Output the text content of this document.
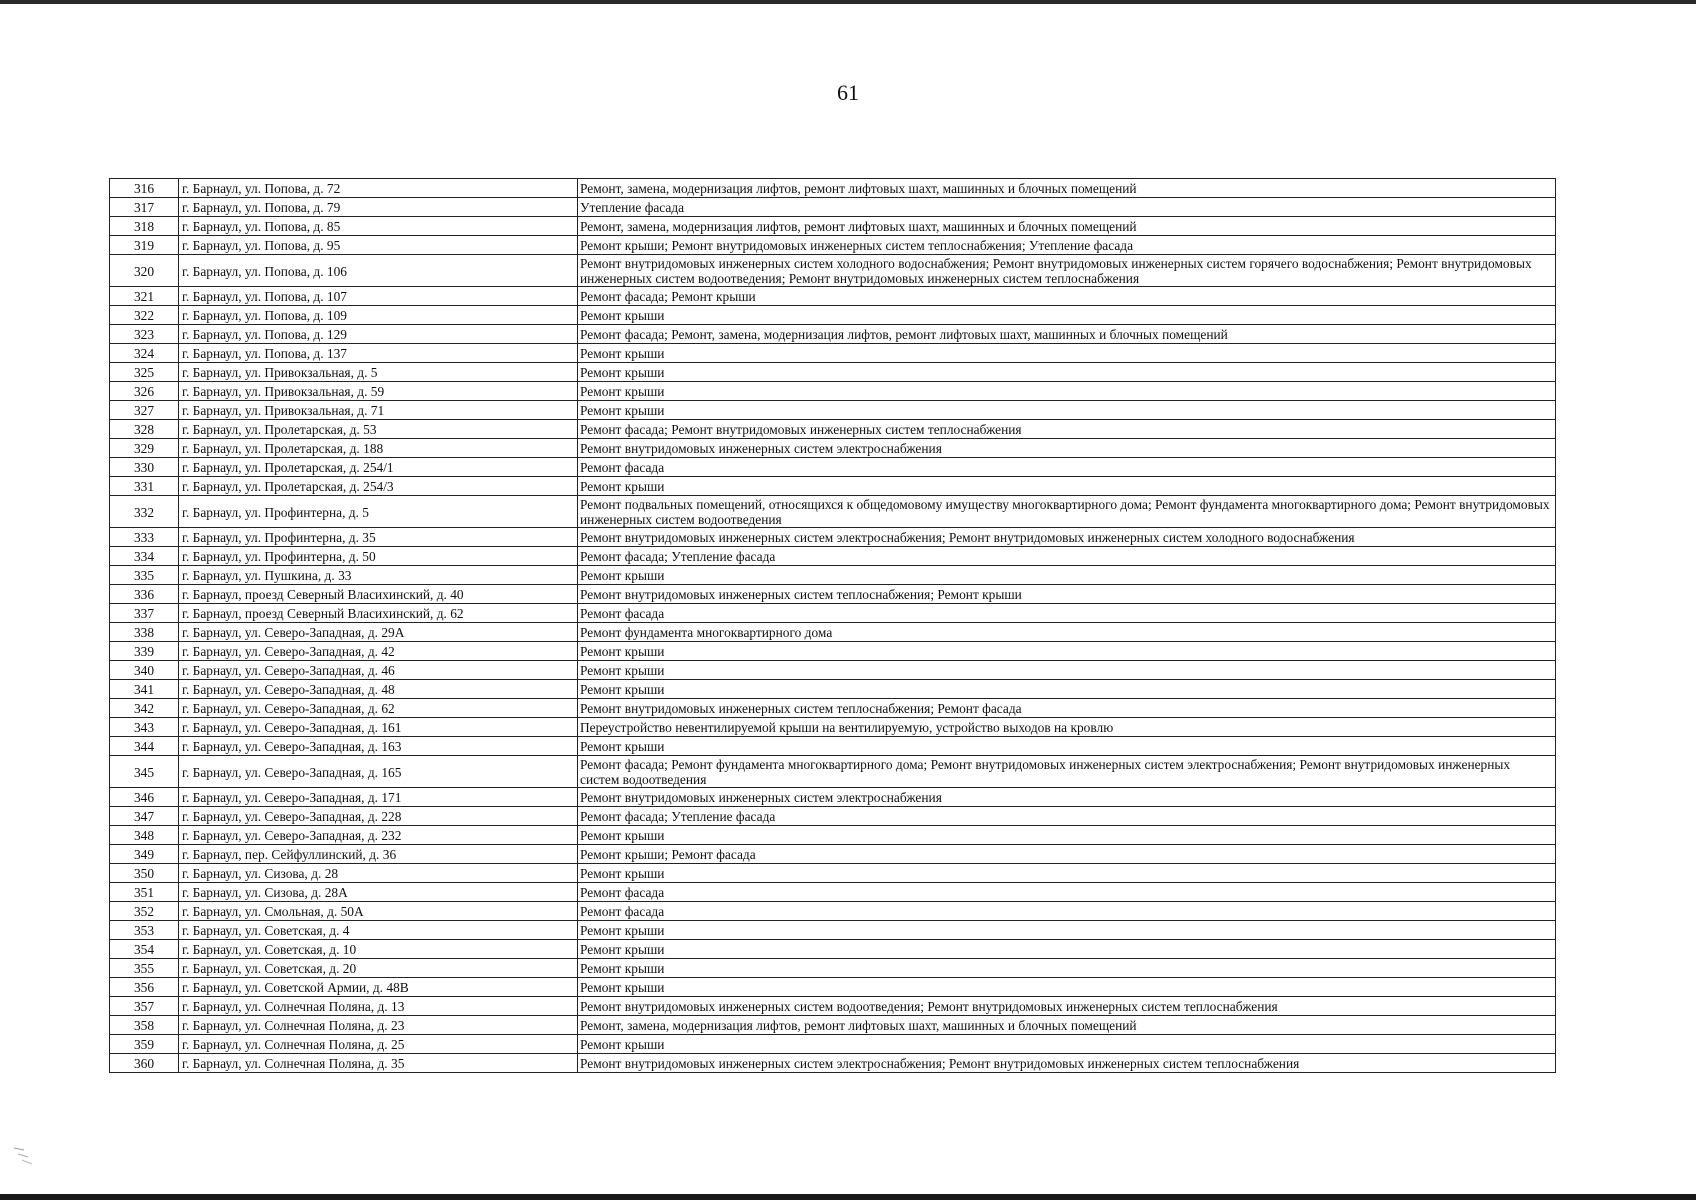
61
316	г. Барнаул, ул. Попова, д. 72	Ремонт, замена, модернизация лифтов, ремонт лифтовых шахт, машинных и блочных помещений
317	г. Барнаул, ул. Попова, д. 79	Утепление фасада
318	г. Барнаул, ул. Попова, д. 85	Ремонт, замена, модернизация лифтов, ремонт лифтовых шахт, машинных и блочных помещений
319	г. Барнаул, ул. Попова, д. 95	Ремонт крыши; Ремонт внутридомовых инженерных систем теплоснабжения; Утепление фасада
320	г. Барнаул, ул. Попова, д. 106	Ремонт внутридомовых инженерных систем холодного водоснабжения; Ремонт внутридомовых инженерных систем горячего водоснабжения; Ремонт внутридомовых инженерных систем водоотведения; Ремонт внутридомовых инженерных систем теплоснабжения
321	г. Барнаул, ул. Попова, д. 107	Ремонт фасада; Ремонт крыши
322	г. Барнаул, ул. Попова, д. 109	Ремонт крыши
323	г. Барнаул, ул. Попова, д. 129	Ремонт фасада; Ремонт, замена, модернизация лифтов, ремонт лифтовых шахт, машинных и блочных помещений
324	г. Барнаул, ул. Попова, д. 137	Ремонт крыши
325	г. Барнаул, ул. Привокзальная, д. 5	Ремонт крыши
326	г. Барнаул, ул. Привокзальная, д. 59	Ремонт крыши
327	г. Барнаул, ул. Привокзальная, д. 71	Ремонт крыши
328	г. Барнаул, ул. Пролетарская, д. 53	Ремонт фасада; Ремонт внутридомовых инженерных систем теплоснабжения
329	г. Барнаул, ул. Пролетарская, д. 188	Ремонт внутридомовых инженерных систем электроснабжения
330	г. Барнаул, ул. Пролетарская, д. 254/1	Ремонт фасада
331	г. Барнаул, ул. Пролетарская, д. 254/3	Ремонт крыши
332	г. Барнаул, ул. Профинтерна, д. 5	Ремонт подвальных помещений, относящихся к общедомовому имуществу многоквартирного дома; Ремонт фундамента многоквартирного дома; Ремонт внутридомовых инженерных систем водоотведения
333	г. Барнаул, ул. Профинтерна, д. 35	Ремонт внутридомовых инженерных систем электроснабжения; Ремонт внутридомовых инженерных систем холодного водоснабжения
334	г. Барнаул, ул. Профинтерна, д. 50	Ремонт фасада; Утепление фасада
335	г. Барнаул, ул. Пушкина, д. 33	Ремонт крыши
336	г. Барнаул, проезд Северный Власихинский, д. 40	Ремонт внутридомовых инженерных систем теплоснабжения; Ремонт крыши
337	г. Барнаул, проезд Северный Власихинский, д. 62	Ремонт фасада
338	г. Барнаул, ул. Северо-Западная, д. 29А	Ремонт фундамента многоквартирного дома
339	г. Барнаул, ул. Северо-Западная, д. 42	Ремонт крыши
340	г. Барнаул, ул. Северо-Западная, д. 46	Ремонт крыши
341	г. Барнаул, ул. Северо-Западная, д. 48	Ремонт крыши
342	г. Барнаул, ул. Северо-Западная, д. 62	Ремонт внутридомовых инженерных систем теплоснабжения; Ремонт фасада
343	г. Барнаул, ул. Северо-Западная, д. 161	Переустройство невентилируемой крыши на вентилируемую, устройство выходов на кровлю
344	г. Барнаул, ул. Северо-Западная, д. 163	Ремонт крыши
345	г. Барнаул, ул. Северо-Западная, д. 165	Ремонт фасада; Ремонт фундамента многоквартирного дома; Ремонт внутридомовых инженерных систем электроснабжения; Ремонт внутридомовых инженерных систем водоотведения
346	г. Барнаул, ул. Северо-Западная, д. 171	Ремонт внутридомовых инженерных систем электроснабжения
347	г. Барнаул, ул. Северо-Западная, д. 228	Ремонт фасада; Утепление фасада
348	г. Барнаул, ул. Северо-Западная, д. 232	Ремонт крыши
349	г. Барнаул, пер. Сейфуллинский, д. 36	Ремонт крыши; Ремонт фасада
350	г. Барнаул, ул. Сизова, д. 28	Ремонт крыши
351	г. Барнаул, ул. Сизова, д. 28А	Ремонт фасада
352	г. Барнаул, ул. Смольная, д. 50А	Ремонт фасада
353	г. Барнаул, ул. Советская, д. 4	Ремонт крыши
354	г. Барнаул, ул. Советская, д. 10	Ремонт крыши
355	г. Барнаул, ул. Советская, д. 20	Ремонт крыши
356	г. Барнаул, ул. Советской Армии, д. 48В	Ремонт крыши
357	г. Барнаул, ул. Солнечная Поляна, д. 13	Ремонт внутридомовых инженерных систем водоотведения; Ремонт внутридомовых инженерных систем теплоснабжения
358	г. Барнаул, ул. Солнечная Поляна, д. 23	Ремонт, замена, модернизация лифтов, ремонт лифтовых шахт, машинных и блочных помещений
359	г. Барнаул, ул. Солнечная Поляна, д. 25	Ремонт крыши
360	г. Барнаул, ул. Солнечная Поляна, д. 35	Ремонт внутридомовых инженерных систем электроснабжения; Ремонт внутридомовых инженерных систем теплоснабжения
